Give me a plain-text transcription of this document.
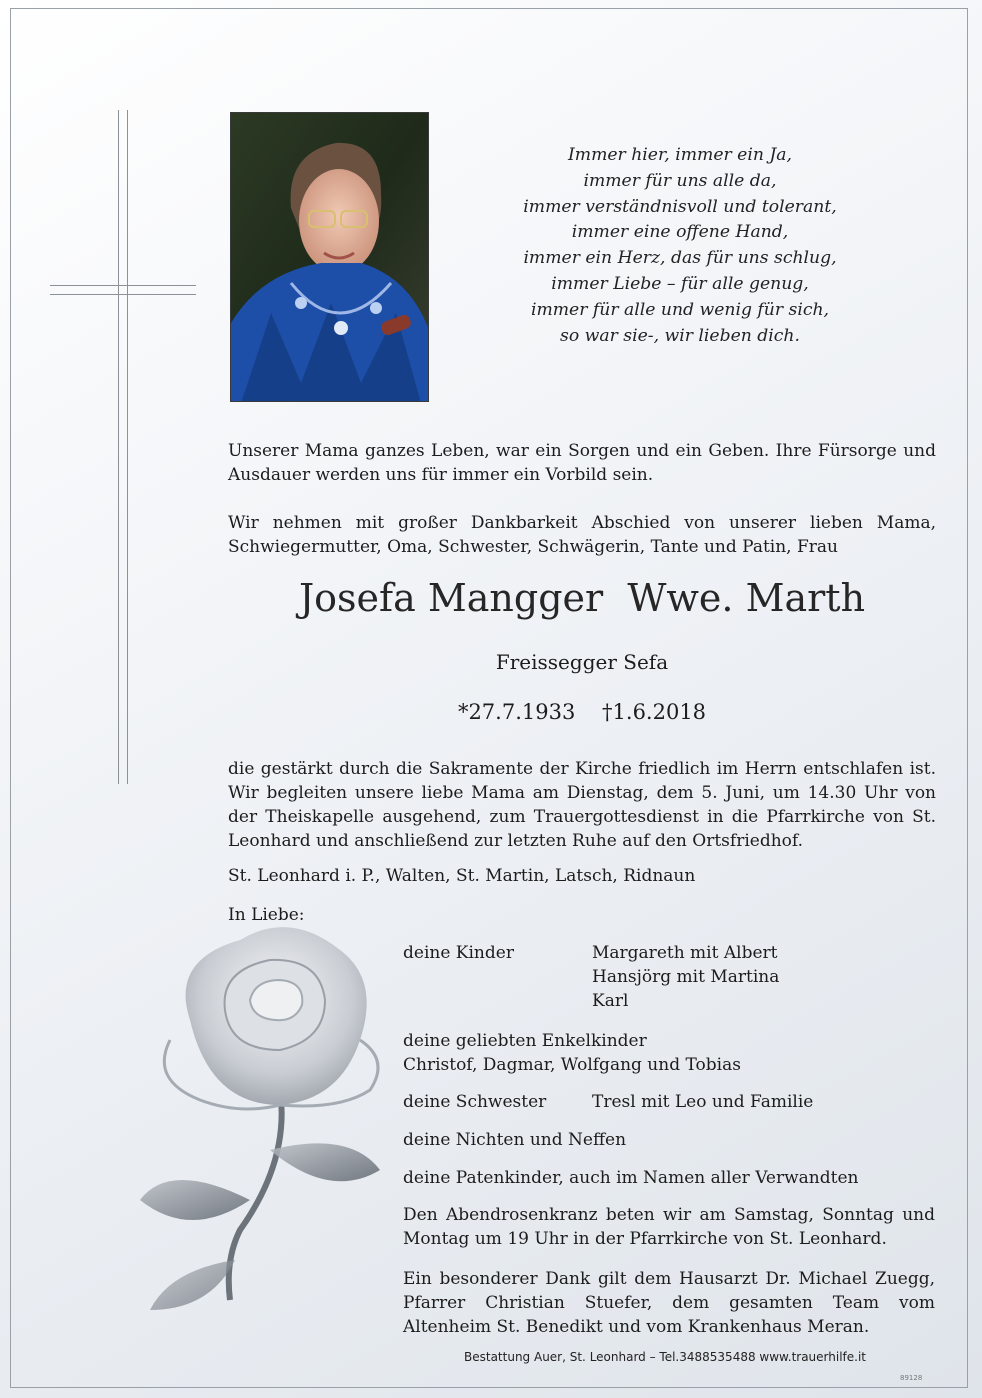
Immer hier, immer ein Ja,
immer für uns alle da,
immer verständnisvoll und tolerant,
immer eine offene Hand,
immer ein Herz, das für uns schlug,
immer Liebe – für alle genug,
immer für alle und wenig für sich,
so war sie-, wir lieben dich.
Unserer Mama ganzes Leben, war ein Sorgen und ein Geben. Ihre Fürsorge und Ausdauer werden uns für immer ein Vorbild sein.
Wir nehmen mit großer Dankbarkeit Abschied von unserer lieben Mama, Schwiegermutter, Oma, Schwester, Schwägerin, Tante und Patin, Frau
Josefa Mangger  Wwe. Marth
Freissegger Sefa
*27.7.1933 †1.6.2018
die gestärkt durch die Sakramente der Kirche friedlich im Herrn entschlafen ist. Wir begleiten unsere liebe Mama am Dienstag, dem 5. Juni, um 14.30 Uhr von der Theiskapelle ausgehend, zum Trauergottesdienst in die Pfarrkirche von St. Leonhard und anschließend zur letzten Ruhe auf den Ortsfriedhof.
St. Leonhard i. P., Walten, St. Martin, Latsch, Ridnaun
In Liebe:
deine Kinder	Margareth mit Albert
Hansjörg mit Martina
Karl
deine geliebten Enkelkinder
Christof, Dagmar, Wolfgang und Tobias
deine Schwester	Tresl mit Leo und Familie
deine Nichten und Neffen
deine Patenkinder, auch im Namen aller Verwandten
Den Abendrosenkranz beten wir am Samstag, Sonntag und Montag um 19 Uhr in der Pfarrkirche von St. Leonhard.
Ein besonderer Dank gilt dem Hausarzt Dr. Michael Zuegg, Pfarrer Christian Stuefer, dem gesamten Team vom Altenheim St. Benedikt und vom Krankenhaus Meran.
Bestattung Auer, St. Leonhard – Tel.3488535488 www.trauerhilfe.it
89128
